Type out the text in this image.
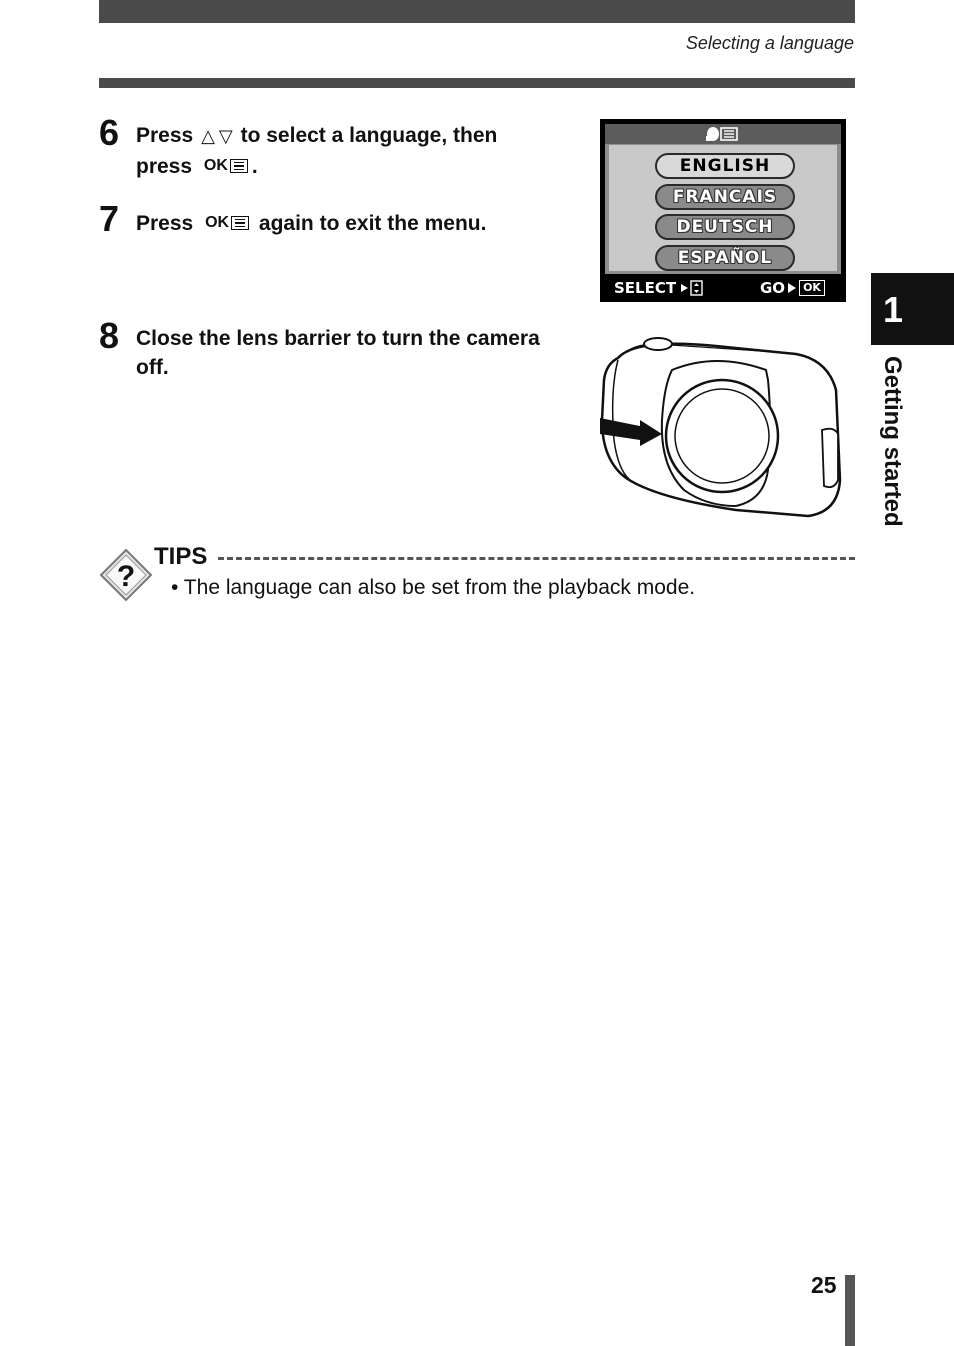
Selecting a language
6 Press △ ▽ to select a language, then
press OK .
7 Press OK again to exit the menu.
8 Close the lens barrier to turn the camera
off.
ENGLISH
FRANCAIS
DEUTSCH
ESPAÑOL
SELECT	GO	OK
1
Getting started
?
TIPS
• The language can also be set from the playback mode.
25
